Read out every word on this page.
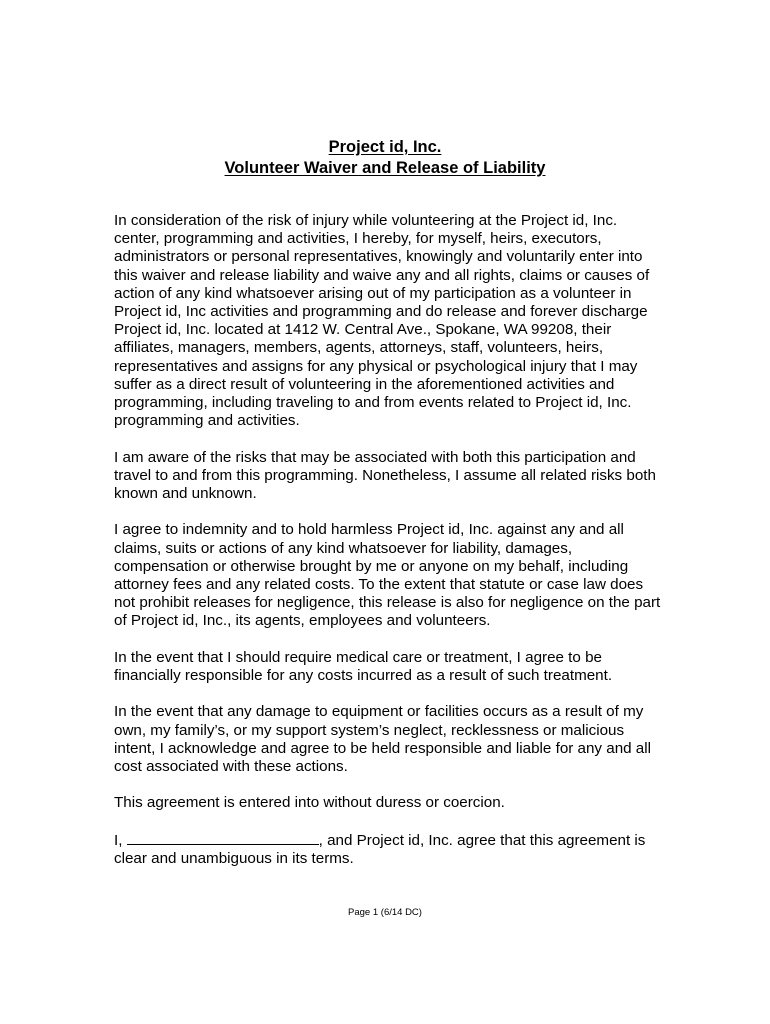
Project id, Inc.
Volunteer Waiver and Release of Liability

In consideration of the risk of injury while volunteering at the Project id, Inc.
center, programming and activities, I hereby, for myself, heirs, executors,
administrators or personal representatives, knowingly and voluntarily enter into
this waiver and release liability and waive any and all rights, claims or causes of
action of any kind whatsoever arising out of my participation as a volunteer in
Project id, Inc activities and programming and do release and forever discharge
Project id, Inc. located at 1412 W. Central Ave., Spokane, WA 99208, their
affiliates, managers, members, agents, attorneys, staff, volunteers, heirs,
representatives and assigns for any physical or psychological injury that I may
suffer as a direct result of volunteering in the aforementioned activities and
programming, including traveling to and from events related to Project id, Inc.
programming and activities.

I am aware of the risks that may be associated with both this participation and
travel to and from this programming. Nonetheless, I assume all related risks both
known and unknown.

I agree to indemnity and to hold harmless Project id, Inc. against any and all
claims, suits or actions of any kind whatsoever for liability, damages,
compensation or otherwise brought by me or anyone on my behalf, including
attorney fees and any related costs. To the extent that statute or case law does
not prohibit releases for negligence, this release is also for negligence on the part
of Project id, Inc., its agents, employees and volunteers.

In the event that I should require medical care or treatment, I agree to be
financially responsible for any costs incurred as a result of such treatment.

In the event that any damage to equipment or facilities occurs as a result of my
own, my family’s, or my support system’s neglect, recklessness or malicious
intent, I acknowledge and agree to be held responsible and liable for any and all
cost associated with these actions.

This agreement is entered into without duress or coercion.

I,	, and Project id, Inc. agree that this agreement is
clear and unambiguous in its terms.

Page 1 (6/14 DC)
